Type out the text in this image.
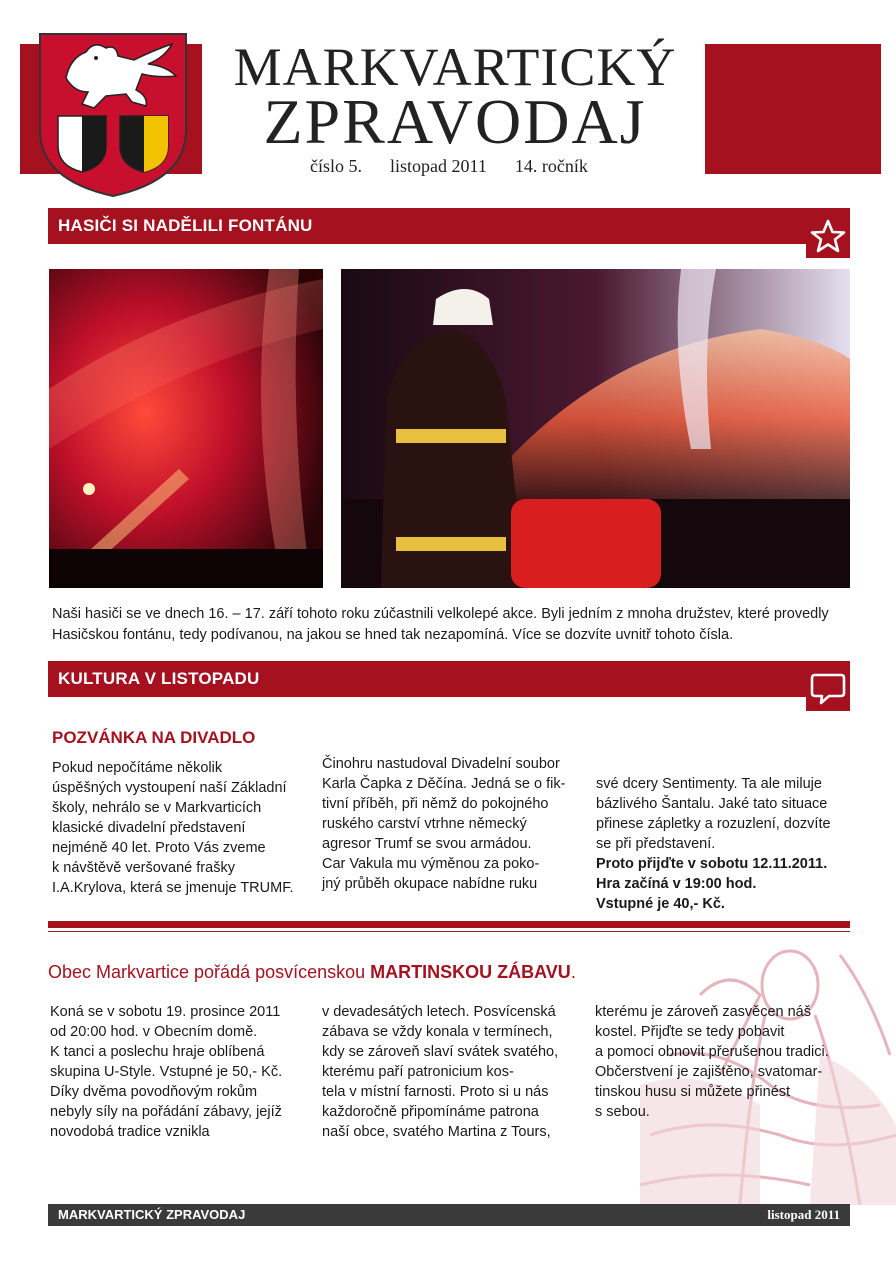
MARKVARTICKÝ
ZPRAVODAJ
číslo 5. listopad 2011 14. ročník
HASIČI SI NADĚLILI FONTÁNU
Naši hasiči se ve dnech 16. – 17. září tohoto roku zúčastnili velkolepé akce. Byli jedním z mnoha družstev, které provedly Hasičskou fontánu, tedy podívanou, na jakou se hned tak nezapomíná. Více se dozvíte uvnitř tohoto čísla.
KULTURA V LISTOPADU
POZVÁNKA NA DIVADLO
Pokud nepočítáme několik
úspěšných vystoupení naší Základní
školy, nehrálo se v Markvarticích
klasické divadelní představení
nejméně 40 let. Proto Vás zveme
k návštěvě veršované frašky
I.A.Krylova, která se jmenuje TRUMF.
Činohru nastudoval Divadelní soubor
Karla Čapka z Děčína. Jedná se o fik-
tivní příběh, při němž do pokojného
ruského carství vtrhne německý
agresor Trumf se svou armádou.
Car Vakula mu výměnou za poko-
jný průběh okupace nabídne ruku

své dcery Sentimenty. Ta ale miluje
bázlivého Šantalu. Jaké tato situace
přinese zápletky a rozuzlení, dozvíte
se při představení.

Proto přijďte v sobotu 12.11.2011.
Hra začíná v 19:00 hod.
Vstupné je 40,- Kč.

Obec Markvartice pořádá posvícenskou MARTINSKOU ZÁBAVU.
Koná se v sobotu 19. prosince 2011
od 20:00 hod. v Obecním domě.
K tanci a poslechu hraje oblíbená
skupina U-Style. Vstupné je 50,- Kč.
Díky dvěma povodňovým rokům
nebyly síly na pořádání zábavy, jejíž
novodobá tradice vznikla
v devadesátých letech. Posvícenská
zábava se vždy konala v termínech,
kdy se zároveň slaví svátek svatého,
kterému paří patronicium kos-
tela v místní farnosti. Proto si u nás
každoročně připomínáme patrona
naší obce, svatého Martina z Tours,
kterému je zároveň zasvěcen náš
kostel. Přijďte se tedy pobavit
a pomoci obnovit přerušenou tradici.
Občerstvení je zajištěno, svatomar-
tinskou husu si můžete přinést
s sebou.
MARKVARTICKÝ ZPRAVODAJ	listopad 2011
